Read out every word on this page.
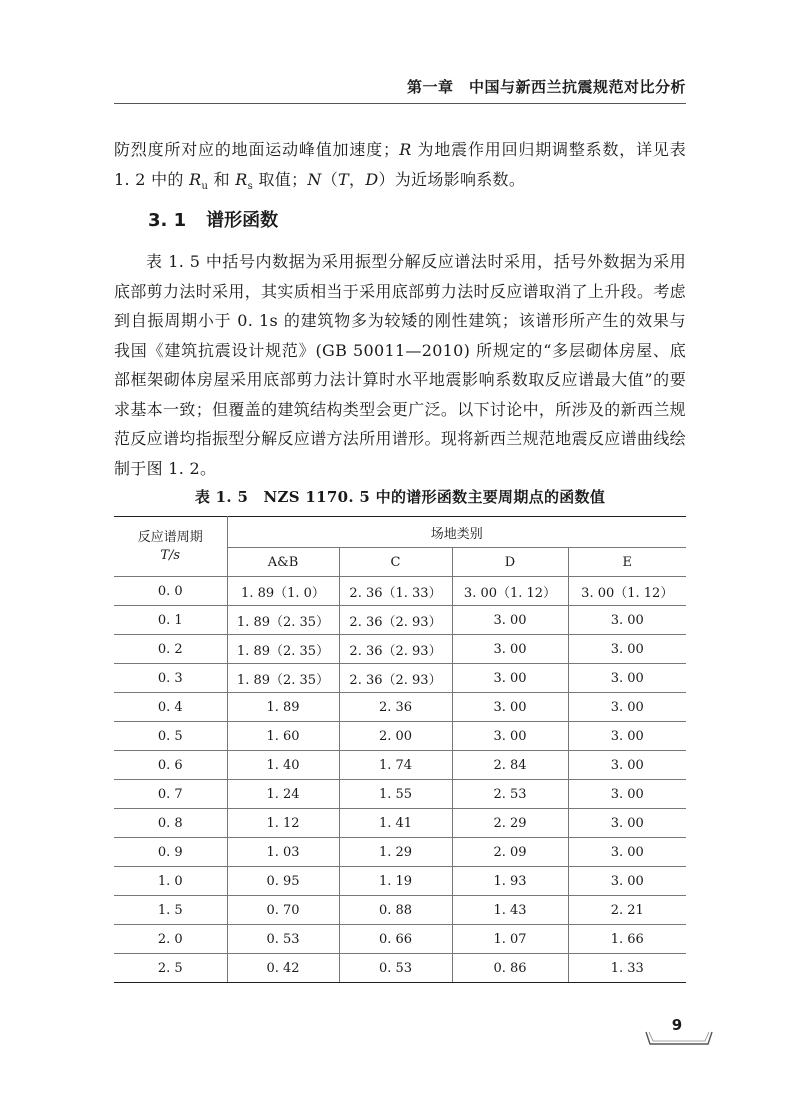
第一章　中国与新西兰抗震规范对比分析
防烈度所对应的地面运动峰值加速度；R 为地震作用回归期调整系数，详见表 1. 2 中的 $R_u$ 和 $R_s$ 取值；N（T，D）为近场影响系数。
3. 1 谱形函数
表 1. 5 中括号内数据为采用振型分解反应谱法时采用，括号外数据为采用底部剪力法时采用，其实质相当于采用底部剪力法时反应谱取消了上升段。考虑到自振周期小于 0. 1s 的建筑物多为较矮的刚性建筑；该谱形所产生的效果与我国《建筑抗震设计规范》(GB 50011—2010) 所规定的“多层砌体房屋、底部框架砌体房屋采用底部剪力法计算时水平地震影响系数取反应谱最大值”的要求基本一致；但覆盖的建筑结构类型会更广泛。以下讨论中，所涉及的新西兰规范反应谱均指振型分解反应谱方法所用谱形。现将新西兰规范地震反应谱曲线绘制于图 1. 2。
表 1. 5　NZS 1170. 5 中的谱形函数主要周期点的函数值
反应谱周期
T/s	场地类别			
	A&B	C	D	E
0. 0	1. 89（1. 0）	2. 36（1. 33）	3. 00（1. 12）	3. 00（1. 12）
0. 1	1. 89（2. 35）	2. 36（2. 93）	3. 00	3. 00
0. 2	1. 89（2. 35）	2. 36（2. 93）	3. 00	3. 00
0. 3	1. 89（2. 35）	2. 36（2. 93）	3. 00	3. 00
0. 4	1. 89	2. 36	3. 00	3. 00
0. 5	1. 60	2. 00	3. 00	3. 00
0. 6	1. 40	1. 74	2. 84	3. 00
0. 7	1. 24	1. 55	2. 53	3. 00
0. 8	1. 12	1. 41	2. 29	3. 00
0. 9	1. 03	1. 29	2. 09	3. 00
1. 0	0. 95	1. 19	1. 93	3. 00
1. 5	0. 70	0. 88	1. 43	2. 21
2. 0	0. 53	0. 66	1. 07	1. 66
2. 5	0. 42	0. 53	0. 86	1. 33
9
